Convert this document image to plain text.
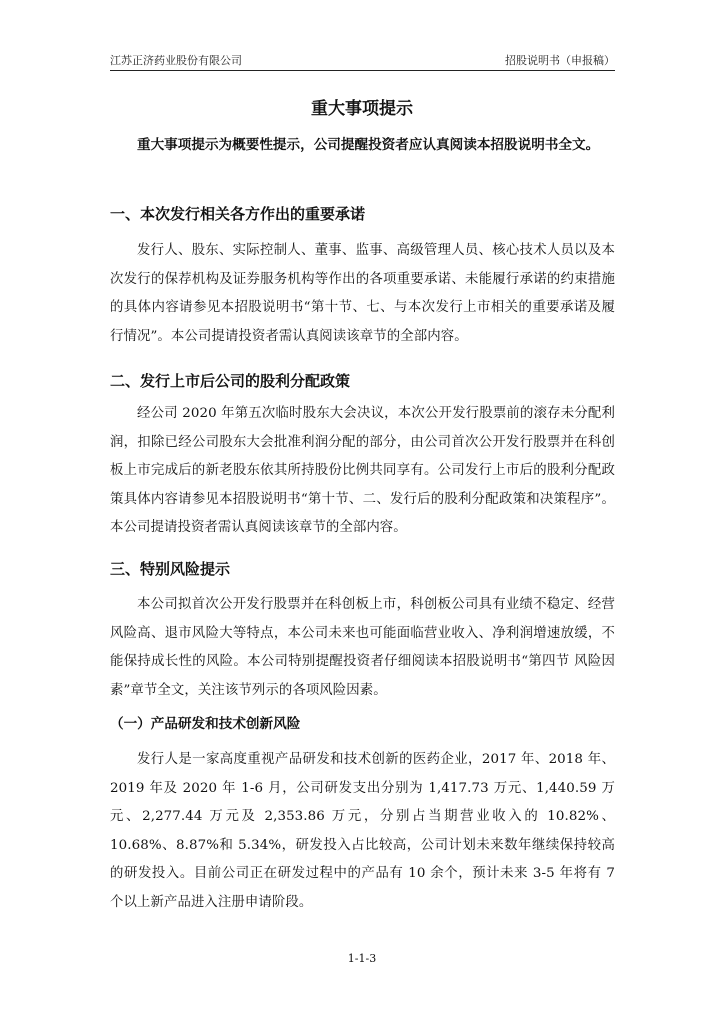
江苏正济药业股份有限公司	招股说明书（申报稿）
重大事项提示
重大事项提示为概要性提示，公司提醒投资者应认真阅读本招股说明书全文。
一、本次发行相关各方作出的重要承诺
发行人、股东、实际控制人、董事、监事、高级管理人员、核心技术人员以及本次发行的保荐机构及证券服务机构等作出的各项重要承诺、未能履行承诺的约束措施的具体内容请参见本招股说明书“第十节、七、与本次发行上市相关的重要承诺及履行情况”。本公司提请投资者需认真阅读该章节的全部内容。
二、发行上市后公司的股利分配政策
经公司 2020 年第五次临时股东大会决议，本次公开发行股票前的滚存未分配利润，扣除已经公司股东大会批准利润分配的部分，由公司首次公开发行股票并在科创板上市完成后的新老股东依其所持股份比例共同享有。公司发行上市后的股利分配政策具体内容请参见本招股说明书“第十节、二、发行后的股利分配政策和决策程序”。本公司提请投资者需认真阅读该章节的全部内容。
三、特别风险提示
本公司拟首次公开发行股票并在科创板上市，科创板公司具有业绩不稳定、经营风险高、退市风险大等特点，本公司未来也可能面临营业收入、净利润增速放缓，不能保持成长性的风险。本公司特别提醒投资者仔细阅读本招股说明书“第四节 风险因素”章节全文，关注该节列示的各项风险因素。
（一）产品研发和技术创新风险
发行人是一家高度重视产品研发和技术创新的医药企业，2017 年、2018 年、2019 年及 2020 年 1-6 月，公司研发支出分别为 1,417.73 万元、1,440.59 万元、2,277.44 万元及 2,353.86 万元，分别占当期营业收入的 10.82%、10.68%、8.87%和 5.34%，研发投入占比较高，公司计划未来数年继续保持较高的研发投入。目前公司正在研发过程中的产品有 10 余个，预计未来 3-5 年将有 7 个以上新产品进入注册申请阶段。
1-1-3
